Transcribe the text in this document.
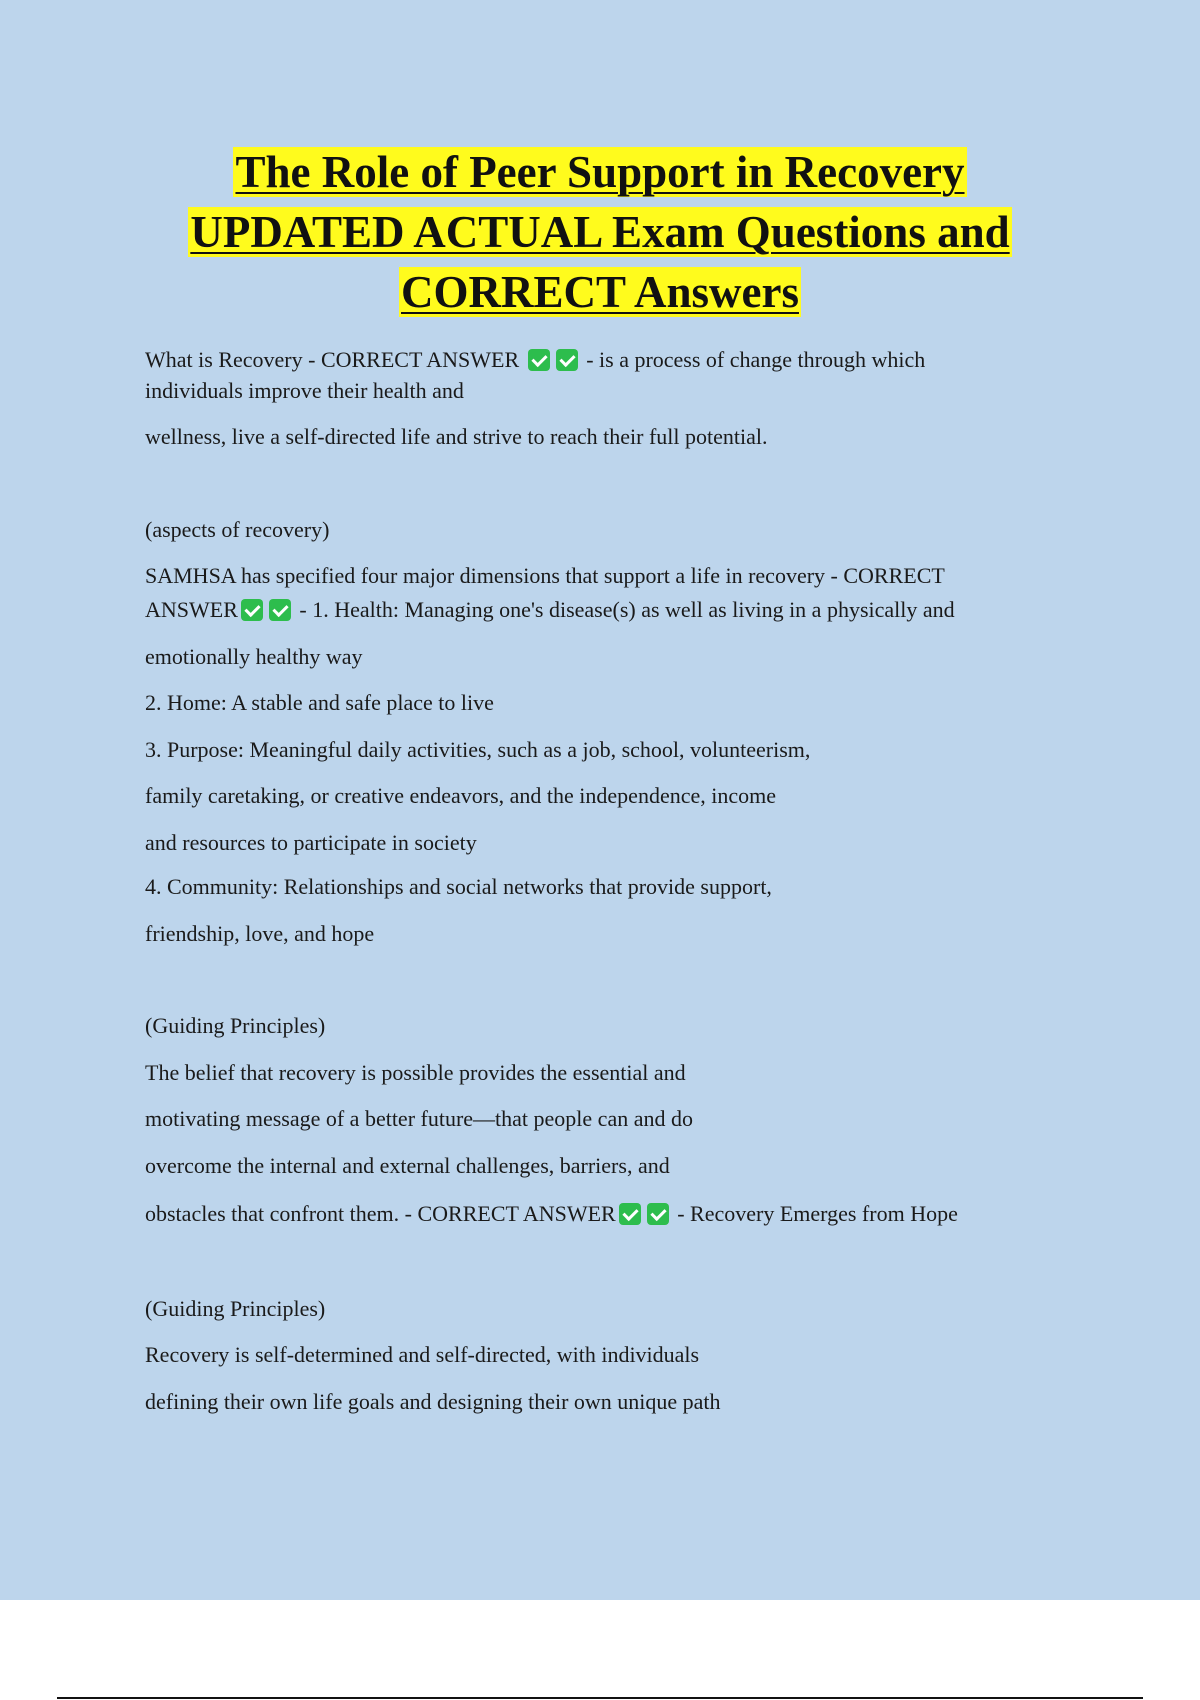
The Role of Peer Support in Recovery
UPDATED ACTUAL Exam Questions and
CORRECT Answers
What is Recovery - CORRECT ANSWER	- is a process of change through which
individuals improve their health and
wellness, live a self-directed life and strive to reach their full potential.
(aspects of recovery)
SAMHSA has specified four major dimensions that support a life in recovery - CORRECT
ANSWER	- 1. Health: Managing one's disease(s) as well as living in a physically and
emotionally healthy way
2. Home: A stable and safe place to live
3. Purpose: Meaningful daily activities, such as a job, school, volunteerism,
family caretaking, or creative endeavors, and the independence, income
and resources to participate in society
4. Community: Relationships and social networks that provide support,
friendship, love, and hope
(Guiding Principles)
The belief that recovery is possible provides the essential and
motivating message of a better future—that people can and do
overcome the internal and external challenges, barriers, and
obstacles that confront them. - CORRECT ANSWER	- Recovery Emerges from Hope
(Guiding Principles)
Recovery is self-determined and self-directed, with individuals
defining their own life goals and designing their own unique path
